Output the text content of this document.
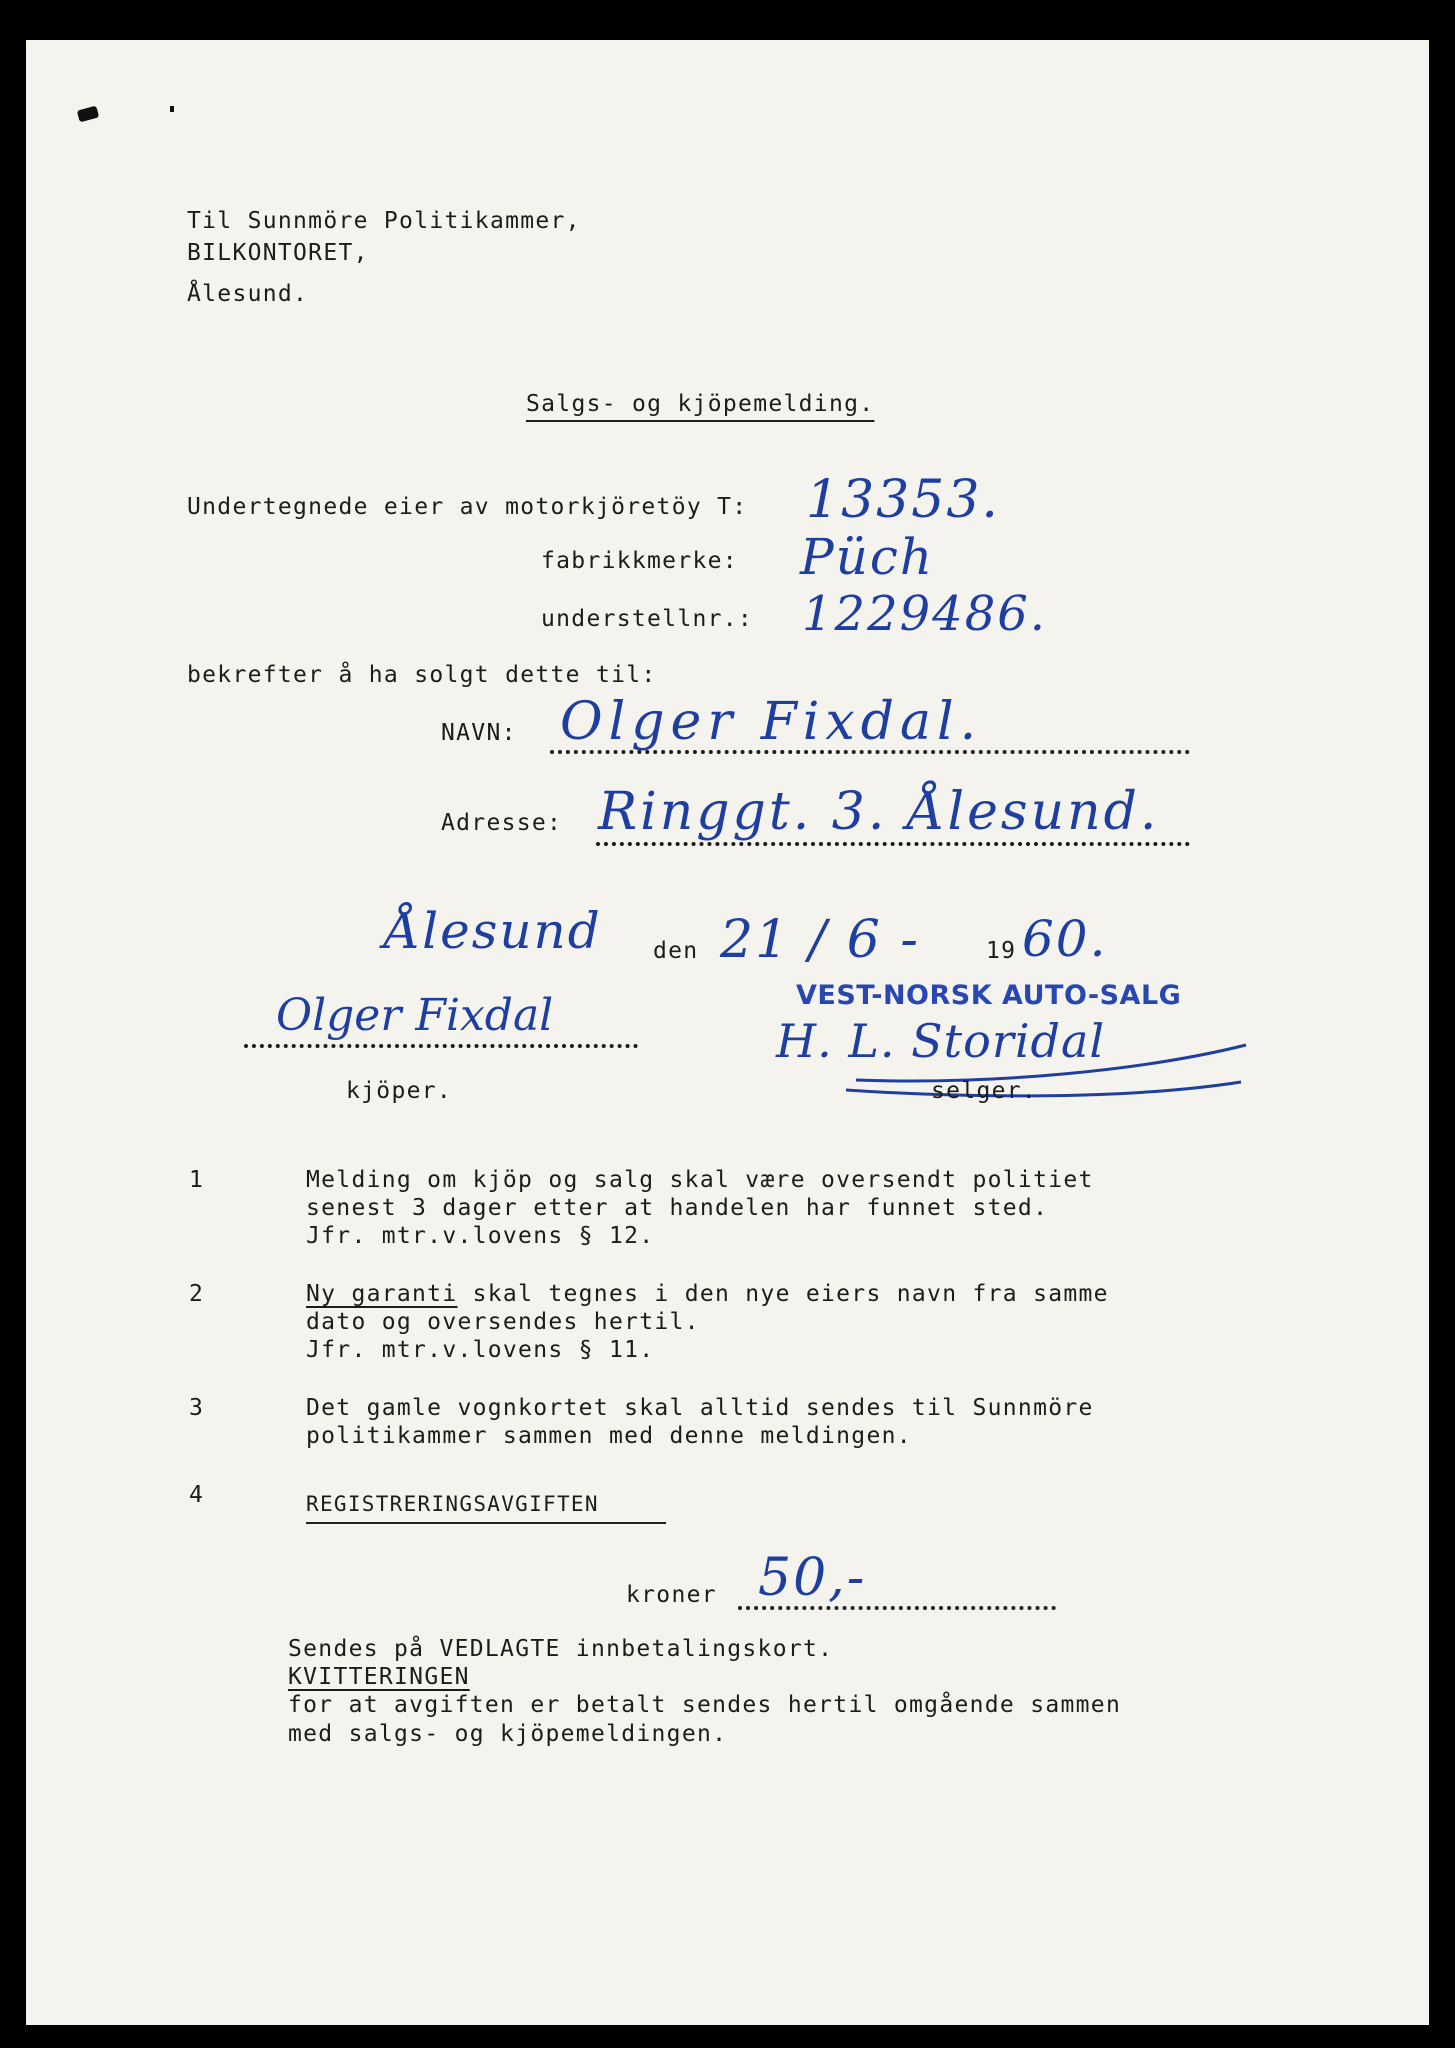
Til Sunnmöre Politikammer,
BILKONTORET,
Ålesund.
Salgs- og kjöpemelding.
Undertegnede eier av motorkjöretöy T: 13353.
fabrikkmerke: Püch
understellnr.: 1229486.
bekrefter å ha solgt dette til:
NAVN: Olger Fixdal.
Adresse: Ringgt. 3. Ålesund.
Ålesund den 21 / 6 -	19 60.
Olger Fixdal
kjöper.
VEST-NORSK AUTO-SALG
H. L. Storidal
selger.
1	Melding om kjöp og salg skal være oversendt politiet
senest 3 dager etter at handelen har funnet sted.
Jfr. mtr.v.lovens § 12.
2	Ny garanti skal tegnes i den nye eiers navn fra samme
dato og oversendes hertil.
Jfr. mtr.v.lovens § 11.
3	Det gamle vognkortet skal alltid sendes til Sunnmöre
politikammer sammen med denne meldingen.
4	REGISTRERINGSAVGIFTEN
kroner 50,-
Sendes på VEDLAGTE innbetalingskort.
KVITTERINGEN
for at avgiften er betalt sendes hertil omgående sammen
med salgs- og kjöpemeldingen.
